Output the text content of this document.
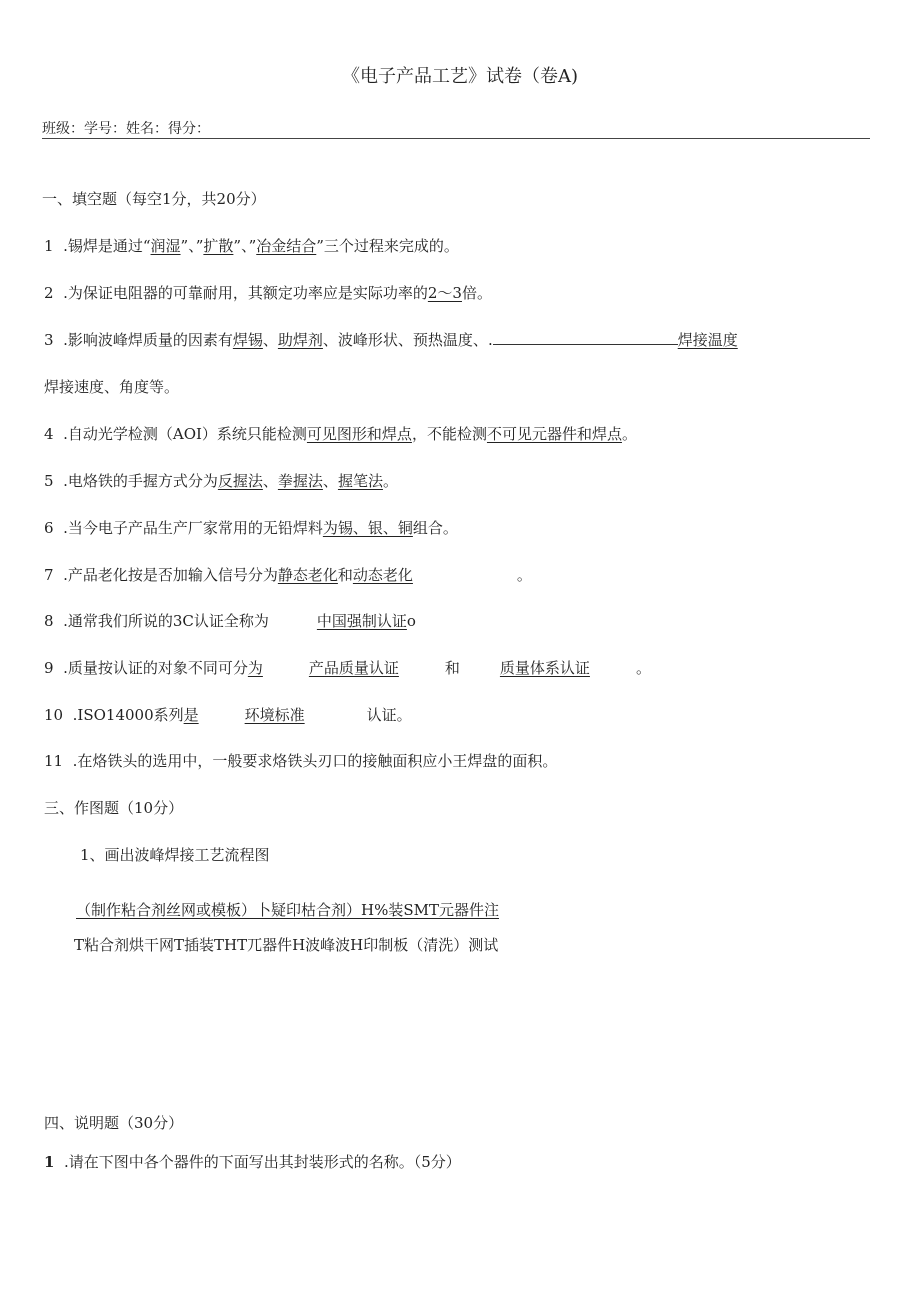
《电子产品工艺》试卷（卷A)
班级：学号：姓名：得分：
一、填空题（每空1分，共20分）
1 .锡焊是通过“润湿”、”扩散”、”冶金结合”三个过程来完成的。
2 .为保证电阻器的可靠耐用，其额定功率应是实际功率的2～3倍。
3 .影响波峰焊质量的因素有焊锡、助焊剂、波峰形状、预热温度、.	焊接温度
焊接速度、角度等。
4 .自动光学检测（AOI）系统只能检测可见图形和焊点，不能检测不可见元器件和焊点。
5 .电烙铁的手握方式分为反握法、拳握法、握笔法。
6 .当今电子产品生产厂家常用的无铅焊料为锡、银、铜组合。
7 .产品老化按是否加输入信号分为静态老化和动态老化	。
8 .通常我们所说的3C认证全称为	中国强制认证o
9 .质量按认证的对象不同可分为	产品质量认证	和	质量体系认证	。
10 .ISO14000系列是	环境标准	认证。
11 .在烙铁头的选用中，一般要求烙铁头刃口的接触面积应小王焊盘的面积。
三、作图题（10分）
1、画出波峰焊接工艺流程图
（制作粘合剂丝网或模板）卜疑印枯合剂）H%装SMT元器件注
T粘合剂烘干网T插装THT兀器件H波峰波H印制板（清洗）测试
四、说明题（30分）
1 .请在下图中各个器件的下面写出其封装形式的名称。（5分）
